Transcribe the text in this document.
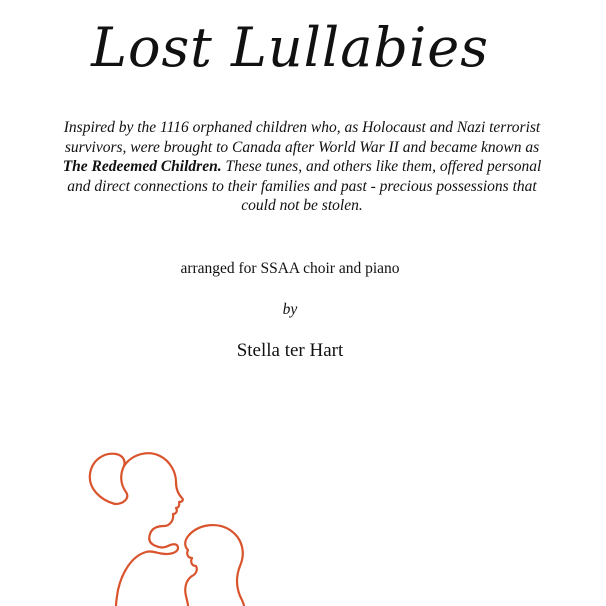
Lost Lullabies

Inspired by the 1116 orphaned children who, as Holocaust and Nazi terrorist survivors, were brought to Canada after World War II and became known as The Redeemed Children. These tunes, and others like them, offered personal and direct connections to their families and past - precious possessions that could not be stolen.

arranged for SSAA choir and piano
by
Stella ter Hart
